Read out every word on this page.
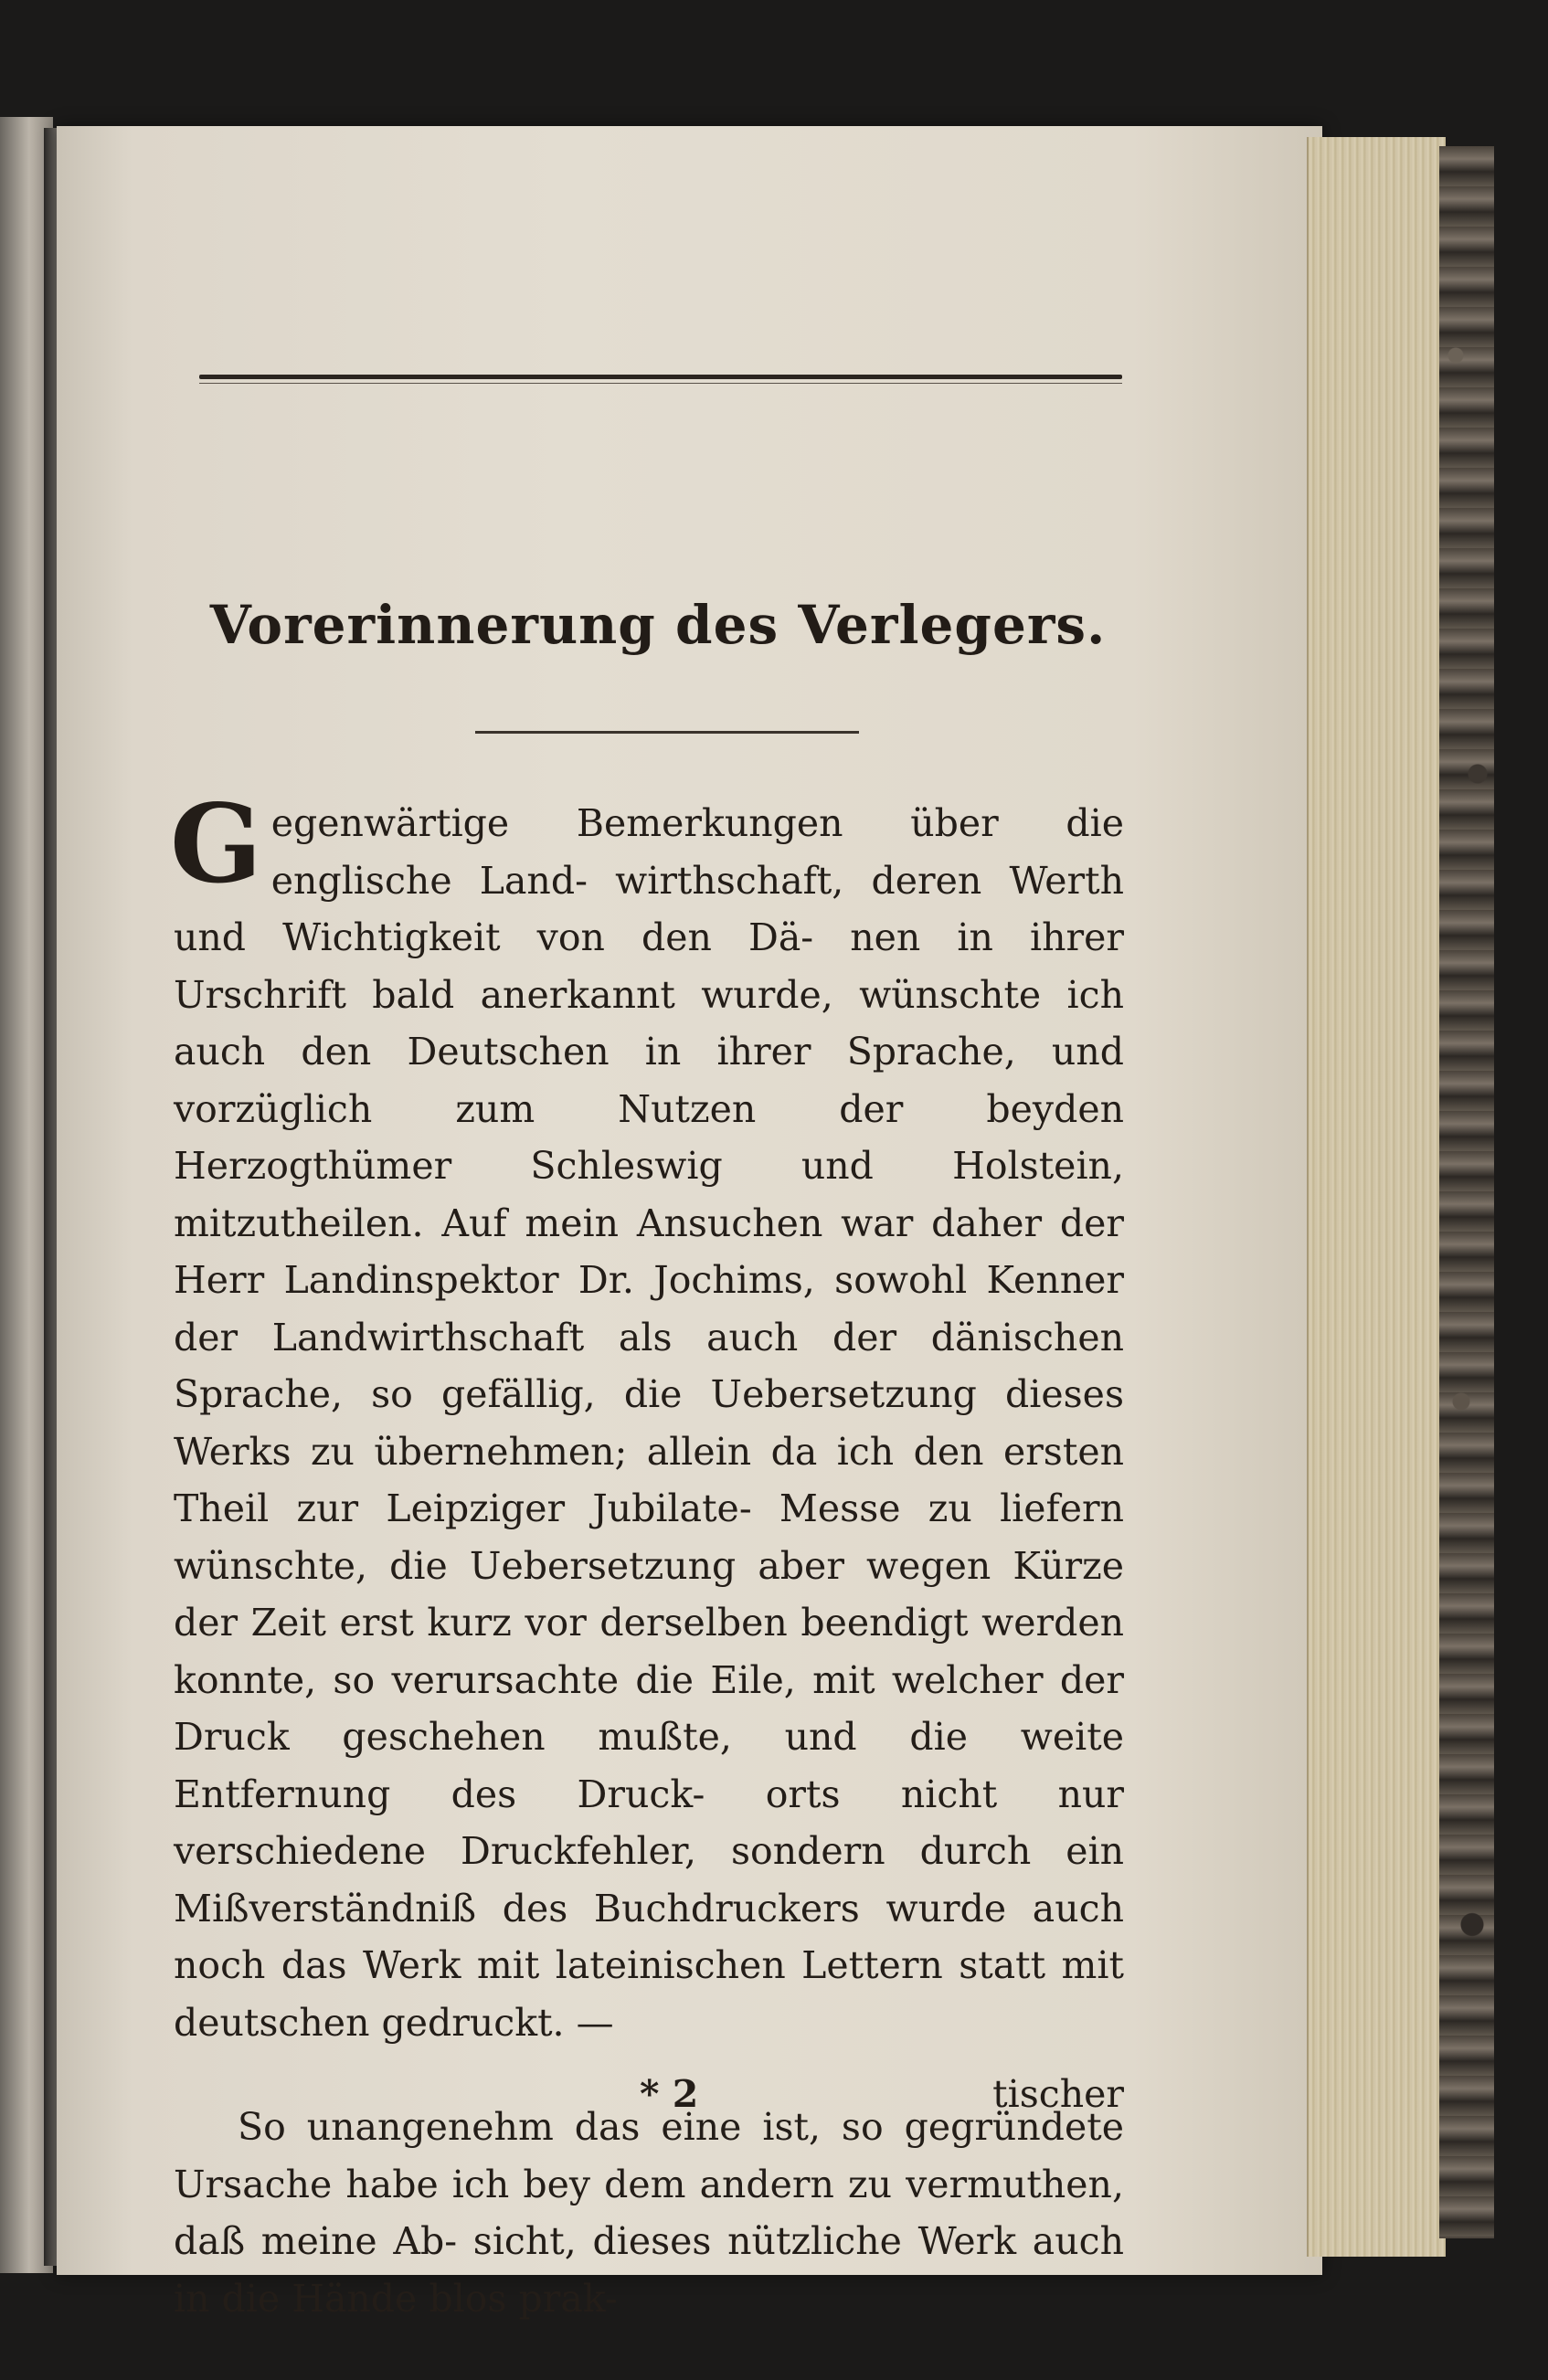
Vorerinnerung des Verlegers.

Gegenwärtige Bemerkungen über die englische Land- wirthschaft, deren Werth und Wichtigkeit von den Dä- nen in ihrer Urschrift bald anerkannt wurde, wünschte ich auch den Deutschen in ihrer Sprache, und vorzüglich zum Nutzen der beyden Herzogthümer Schleswig und Holstein, mitzutheilen. Auf mein Ansuchen war daher der Herr Landinspektor Dr. Jochims, sowohl Kenner der Landwirthschaft als auch der dänischen Sprache, so gefällig, die Uebersetzung dieses Werks zu übernehmen; allein da ich den ersten Theil zur Leipziger Jubilate- Messe zu liefern wünschte, die Uebersetzung aber wegen Kürze der Zeit erst kurz vor derselben beendigt werden konnte, so verursachte die Eile, mit welcher der Druck geschehen mußte, und die weite Entfernung des Druck- orts nicht nur verschiedene Druckfehler, sondern durch ein Mißverständniß des Buchdruckers wurde auch noch das Werk mit lateinischen Lettern statt mit deutschen gedruckt. —

So unangenehm das eine ist, so gegründete Ursache habe ich bey dem andern zu vermuthen, daß meine Ab- sicht, dieses nützliche Werk auch in die Hände blos prak-

* 2	tischer
